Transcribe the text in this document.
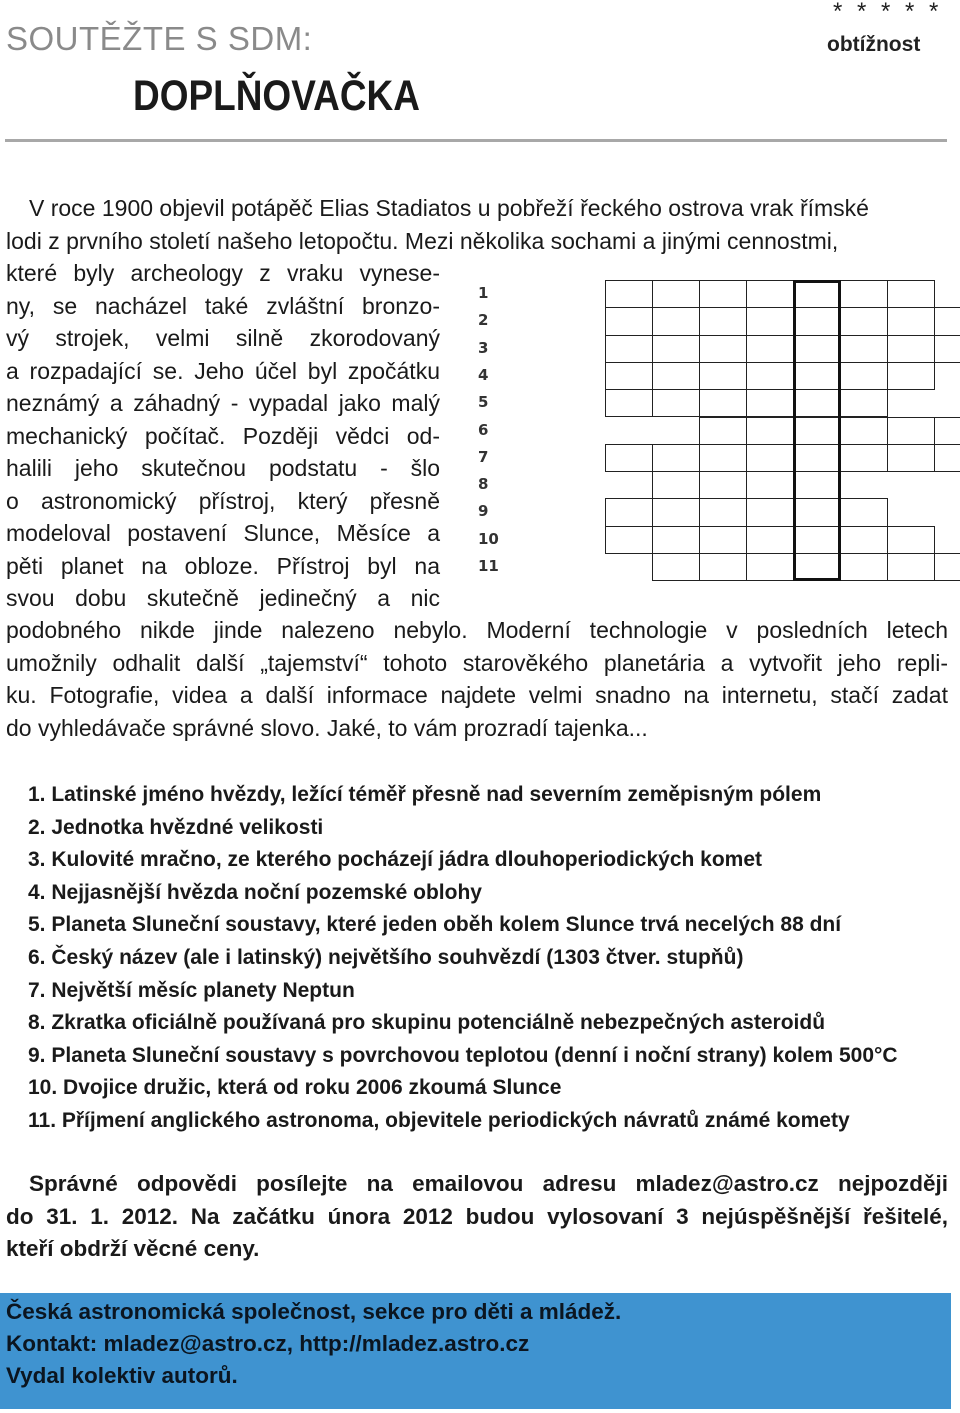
SOUTĚŽTE S SDM:
DOPLŇOVAČKA
* * * * *
obtížnost
V roce 1900 objevil potápěč Elias Stadiatos u pobřeží řeckého ostrova vrak římské
lodi z prvního století našeho letopočtu. Mezi několika sochami a jinými cennostmi,
které byly archeology z vraku vynese-
ny, se nacházel také zvláštní bronzo-
vý strojek, velmi silně zkorodovaný
a rozpadající se. Jeho účel byl zpočátku
neznámý a záhadný - vypadal jako malý
mechanický počítač. Později vědci od-
halili jeho skutečnou podstatu - šlo
o astronomický přístroj, který přesně
modeloval postavení Slunce, Měsíce a
pěti planet na obloze. Přístroj byl na
svou dobu skutečně jedinečný a nic
1
2
3
4
5
6
7
8
9
10
11
podobného nikde jinde nalezeno nebylo. Moderní technologie v posledních letech
umožnily odhalit další „tajemství“ tohoto starověkého planetária a vytvořit jeho repli-
ku. Fotografie, videa a další informace najdete velmi snadno na internetu, stačí zadat
do vyhledávače správné slovo. Jaké, to vám prozradí tajenka...
1. Latinské jméno hvězdy, ležící téměř přesně nad severním zeměpisným pólem
2. Jednotka hvězdné velikosti
3. Kulovité mračno, ze kterého pocházejí jádra dlouhoperiodických komet
4. Nejjasnější hvězda noční pozemské oblohy
5. Planeta Sluneční soustavy, které jeden oběh kolem Slunce trvá necelých 88 dní
6. Český název (ale i latinský) největšího souhvězdí (1303 čtver. stupňů)
7. Největší měsíc planety Neptun
8. Zkratka oficiálně používaná pro skupinu potenciálně nebezpečných asteroidů
9. Planeta Sluneční soustavy s povrchovou teplotou (denní i noční strany) kolem 500°C
10. Dvojice družic, která od roku 2006 zkoumá Slunce
11. Příjmení anglického astronoma, objevitele periodických návratů známé komety
Správné odpovědi posílejte na emailovou adresu mladez@astro.cz nejpozději
do 31. 1. 2012. Na začátku února 2012 budou vylosovaní 3 nejúspěšnější řešitelé,
kteří obdrží věcné ceny.
Česká astronomická společnost, sekce pro děti a mládež.
Kontakt: mladez@astro.cz, http://mladez.astro.cz
Vydal kolektiv autorů.
